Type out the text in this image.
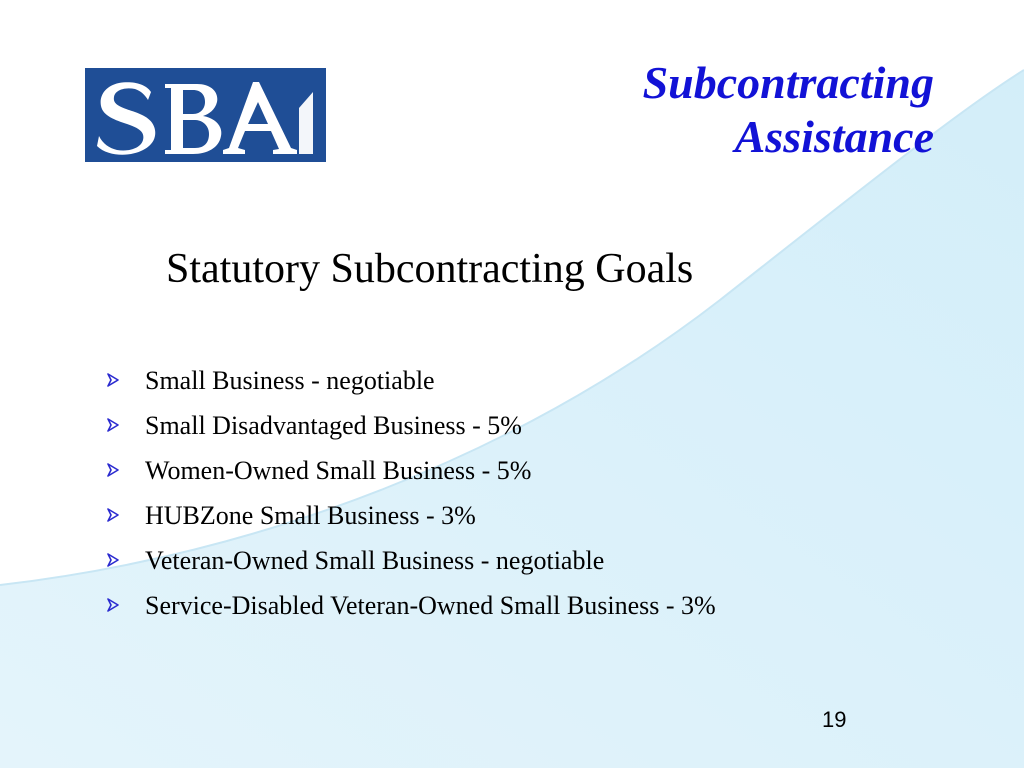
Subcontracting
Assistance
Statutory Subcontracting Goals
Small Business - negotiable
Small Disadvantaged Business - 5%
Women-Owned Small Business - 5%
HUBZone Small Business - 3%
Veteran-Owned Small Business - negotiable
Service-Disabled Veteran-Owned Small Business - 3%
19
